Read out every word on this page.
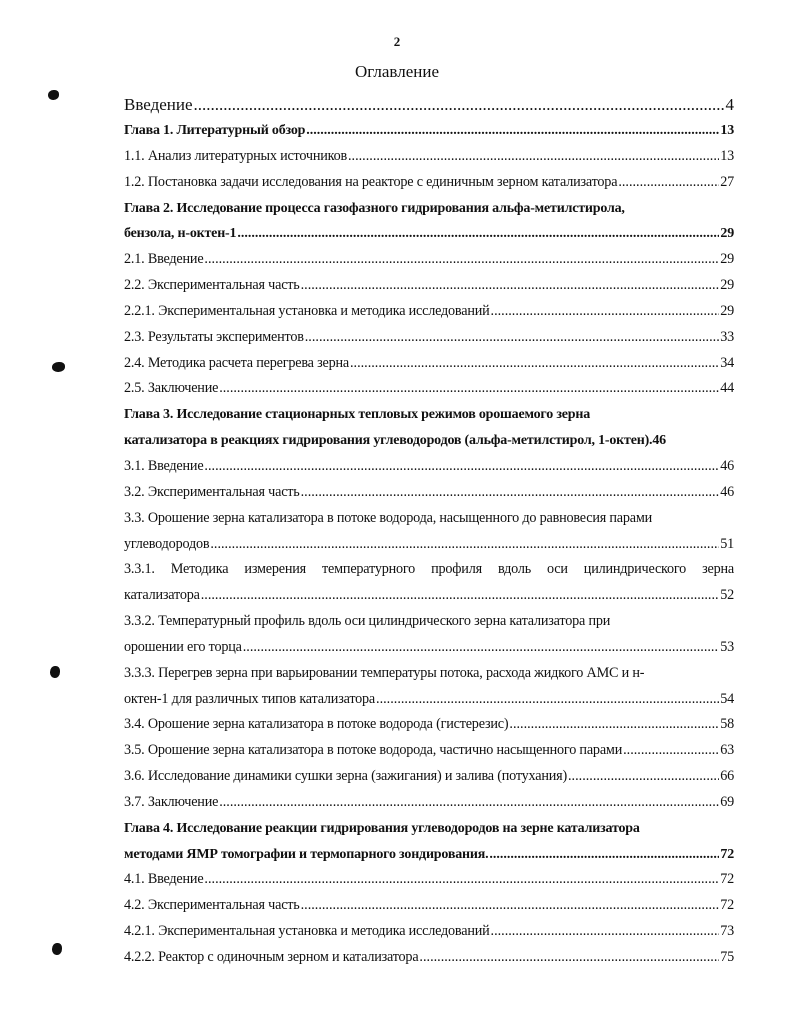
2
Оглавление
Введение .....	4
Глава 1. Литературный обзор .....	13
1.1. Анализ литературных источников .....	13
1.2. Постановка задачи исследования на реакторе с единичным зерном катализатора .....	27
Глава 2. Исследование процесса газофазного гидрирования альфа-метилстирола,
бензола, н-октен-1 .....	29
2.1. Введение .....	29
2.2. Экспериментальная часть .....	29
2.2.1. Экспериментальная установка и методика исследований .....	29
2.3. Результаты экспериментов .....	33
2.4. Методика расчета перегрева зерна .....	34
2.5. Заключение .....	44
Глава 3. Исследование стационарных тепловых режимов орошаемого зерна
катализатора в реакциях гидрирования углеводородов (альфа-метилстирол, 1-октен). 46
3.1. Введение .....	46
3.2. Экспериментальная часть .....	46
3.3. Орошение зерна катализатора в потоке водорода, насыщенного до равновесия парами
углеводородов .....	51
3.3.1. Методика измерения температурного профиля вдоль оси цилиндрического зерна
катализатора .....	52
3.3.2. Температурный профиль вдоль оси цилиндрического зерна катализатора при
орошении его торца .....	53
3.3.3. Перегрев зерна при варьировании температуры потока, расхода жидкого АМС и н-
октен-1 для различных типов катализатора .....	54
3.4. Орошение зерна катализатора в потоке водорода (гистерезис) .....	58
3.5. Орошение зерна катализатора в потоке водорода, частично насыщенного парами .....	63
3.6. Исследование динамики сушки зерна (зажигания) и залива (потухания) .....	66
3.7. Заключение .....	69
Глава 4. Исследование реакции гидрирования углеводородов на зерне катализатора
методами ЯМР томографии и термопарного зондирования. .....	72
4.1. Введение .....	72
4.2. Экспериментальная часть .....	72
4.2.1. Экспериментальная установка и методика исследований .....	73
4.2.2. Реактор с одиночным зерном и катализатора .....	75
